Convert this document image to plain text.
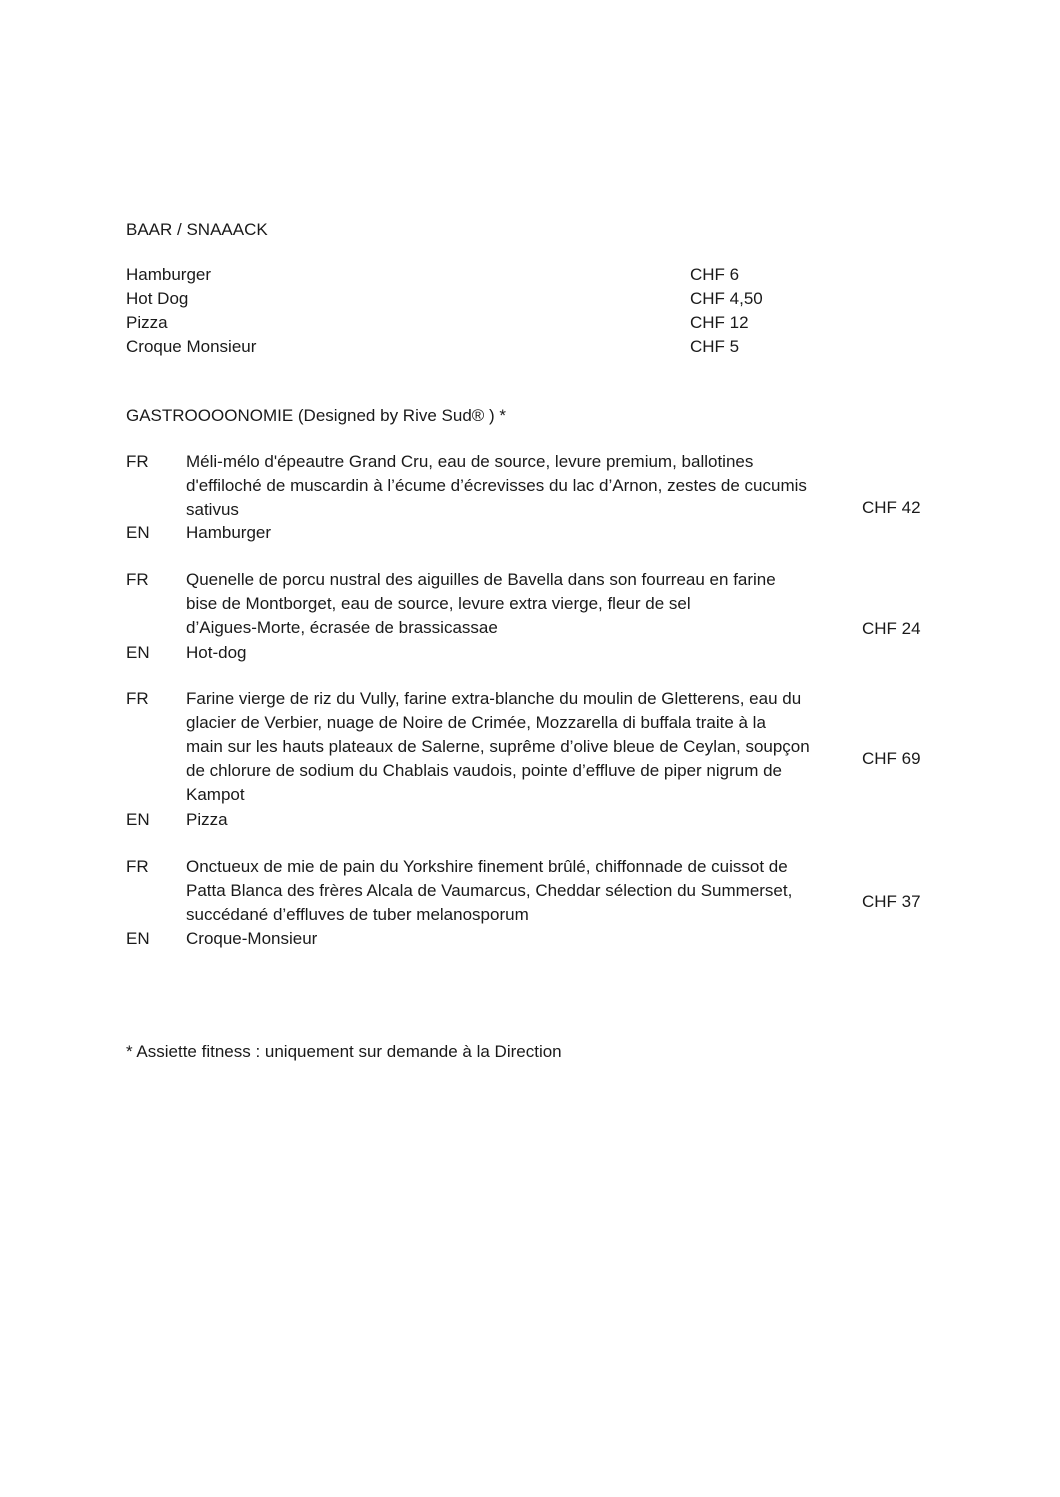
BAAR / SNAAACK
Hamburger	CHF 6
Hot Dog	CHF 4,50
Pizza	CHF 12
Croque Monsieur	CHF 5
GASTROOOONOMIE (Designed by Rive Sud® ) *
FR Méli-mélo d'épeautre Grand Cru, eau de source, levure premium, ballotines
d'effiloché de muscardin à l’écume d’écrevisses du lac d’Arnon, zestes de cucumis
sativus	CHF 42
EN Hamburger
FR Quenelle de porcu nustral des aiguilles de Bavella dans son fourreau en farine
bise de Montborget, eau de source, levure extra vierge, fleur de sel
d’Aigues-Morte, écrasée de brassicassae	CHF 24
EN Hot-dog
FR Farine vierge de riz du Vully, farine extra-blanche du moulin de Gletterens, eau du
glacier de Verbier, nuage de Noire de Crimée, Mozzarella di buffala traite à la
main sur les hauts plateaux de Salerne, suprême d’olive bleue de Ceylan, soupçon
de chlorure de sodium du Chablais vaudois, pointe d’effluve de piper nigrum de
Kampot
CHF 69
EN Pizza
FR Onctueux de mie de pain du Yorkshire finement brûlé, chiffonnade de cuissot de
Patta Blanca des frères Alcala de Vaumarcus, Cheddar sélection du Summerset,
succédané d’effluves de tuber melanosporum
CHF 37
EN Croque-Monsieur
* Assiette fitness : uniquement sur demande à la Direction
